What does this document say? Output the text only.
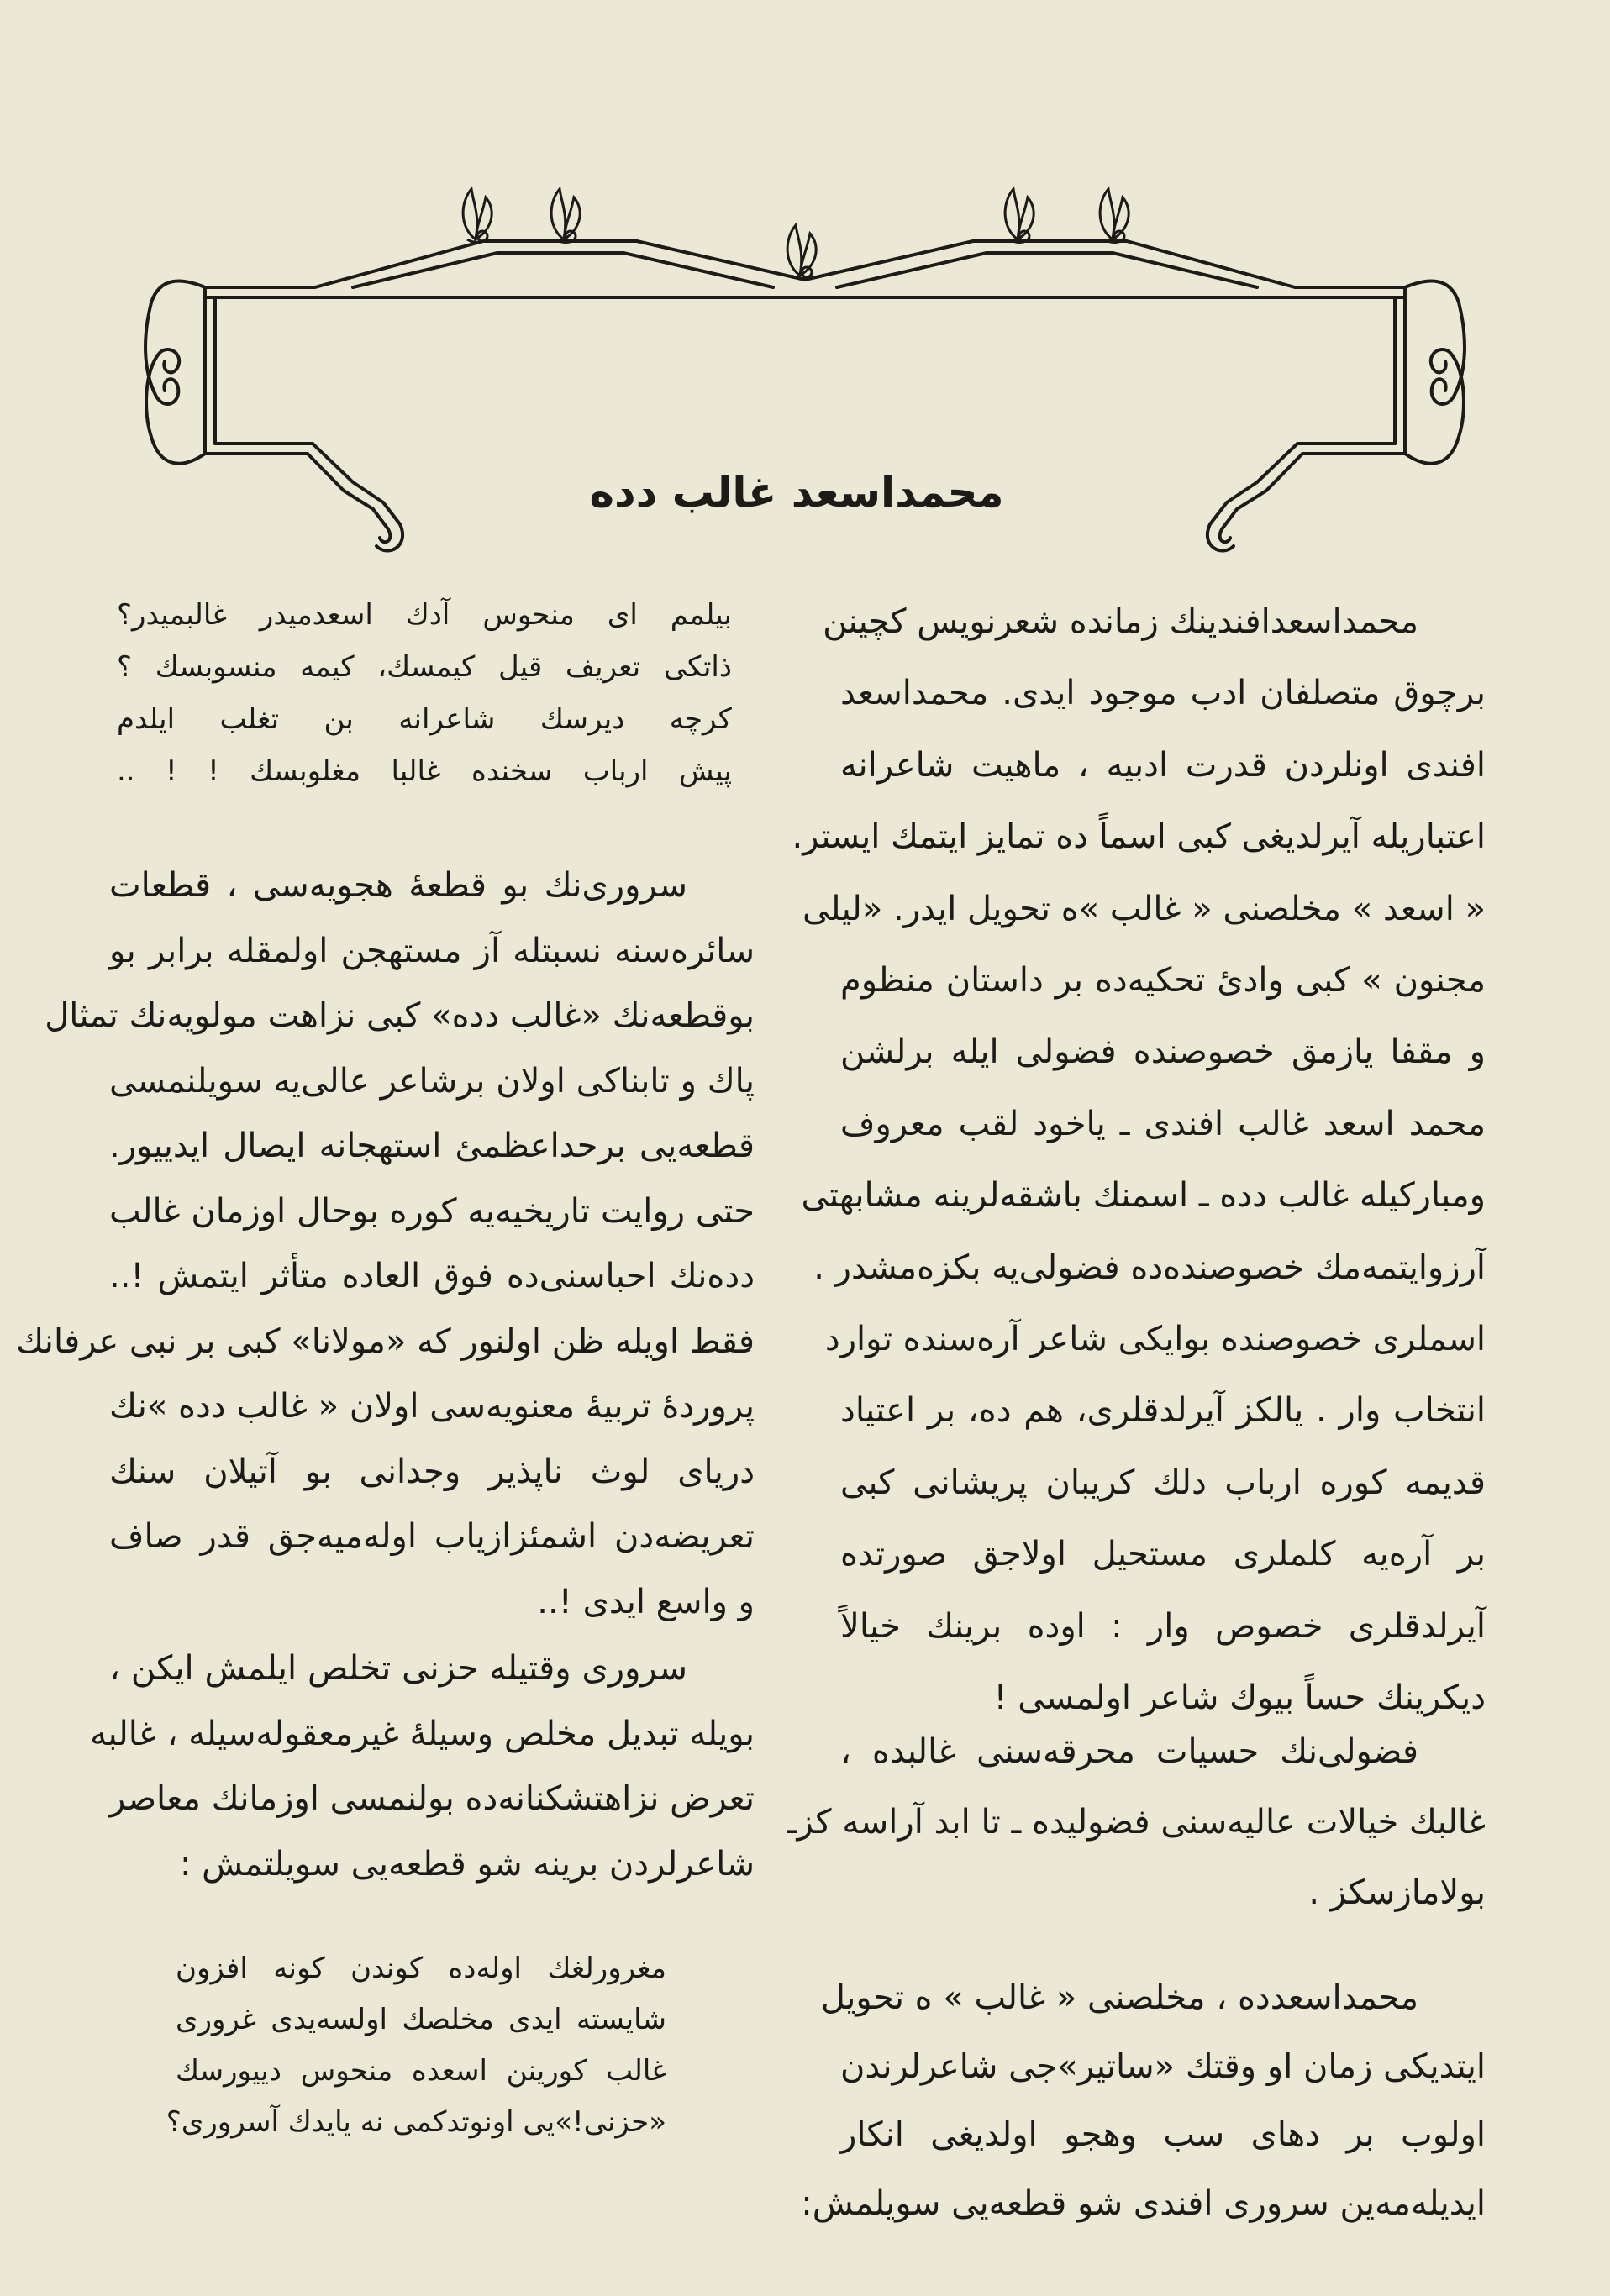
محمداسعد غالب دده
محمداسعدافندینك زمانده شعرنویس كچینن
برچوق متصلفان ادب موجود ایدی. محمداسعد
افندی اونلردن قدرت ادبیه ، ماهیت شاعرانه
اعتباریله آیرلدیغی كبی اسماً ده تمایز ایتمك ایستر.
« اسعد » مخلصنی « غالب »ه تحویل ایدر. «لیلی
مجنون » كبی وادئ تحكیه‌ده بر داستان منظوم
و مقفا یازمق خصوصنده فضولی ایله برلشن
محمد اسعد غالب افندی ـ یاخود لقب معروف
ومباركیله غالب دده ـ اسمنك باشقه‌لرینه مشابهتی
آرزوایتمه‌مك خصوصنده‌ده فضولی‌یه بكزه‌مشدر .
اسملری خصوصنده بوایكی شاعر آره‌سنده توارد
انتخاب وار . یالكز آیرلدقلری، هم ده، بر اعتیاد
قدیمه كوره ارباب دلك كریبان پریشانی كبی
بر آره‌یه كلملری مستحیل اولاجق صورتده
آیرلدقلری خصوص وار : اوده برینك خیالاً
دیكرینك حساً بیوك شاعر اولمسی !
فضولی‌نك حسیات محرقه‌سنی غالبده ،
غالبك خیالات عالیه‌سنی فضولیده ـ تا ابد آراسه كزـ
بولامازسكز .
محمداسعدده ، مخلصنی « غالب » ه تحویل
ایتدیكی زمان او وقتك «ساتیر»جی شاعرلرندن
اولوب بر دهای سب وهجو اولدیغی انكار
ایدیله‌مه‌ین سروری افندی شو قطعه‌یی سویلمش:
بیلمم ای منحوس آدك اسعدمیدر غالبمیدر؟
ذاتكی تعریف قیل كیمسك، كیمه منسوبسك ؟
كرچه دیرسك شاعرانه بن تغلب ایلدم
پیش ارباب سخنده غالبا مغلوبسك ! ! ..
سروری‌نك بو قطعهٔ هجویه‌سی ، قطعات
سائره‌سنه نسبتله آز مستهجن اولمقله برابر بو
بوقطعه‌نك «غالب دده» كبی نزاهت مولویه‌نك تمثال
پاك و تابناكی اولان برشاعر عالی‌یه سویلنمسی
قطعه‌یی برحداعظمئ استهجانه ایصال ایدییور.
حتی روایت تاریخیه‌یه كوره بوحال اوزمان غالب
دده‌نك احباسنی‌ده فوق العاده متأثر ایتمش !..
فقط اویله ظن اولنور كه «مولانا» كبی بر نبی عرفانك
پروردهٔ تربیهٔ معنویه‌سی اولان « غالب دده »نك
دریای لوث ناپذیر وجدانی بو آتیلان سنك
تعریضه‌دن اشمئزازیاب اوله‌میه‌جق قدر صاف
و واسع ایدی !..
سروری وقتیله حزنی تخلص ایلمش ایكن ،
بویله تبدیل مخلص وسیلهٔ غیرمعقوله‌سیله ، غالبه
تعرض نزاهتشكنانه‌ده بولنمسی اوزمانك معاصر
شاعرلردن برینه شو قطعه‌یی سویلتمش :
مغرورلغك اوله‌ده كوندن كونه افزون
شایسته ایدی مخلصك اولسه‌یدی غروری
غالب كورینن اسعده منحوس دییورسك
«حزنی!»یی اونوتدكمی نه یایدك آسروری؟
